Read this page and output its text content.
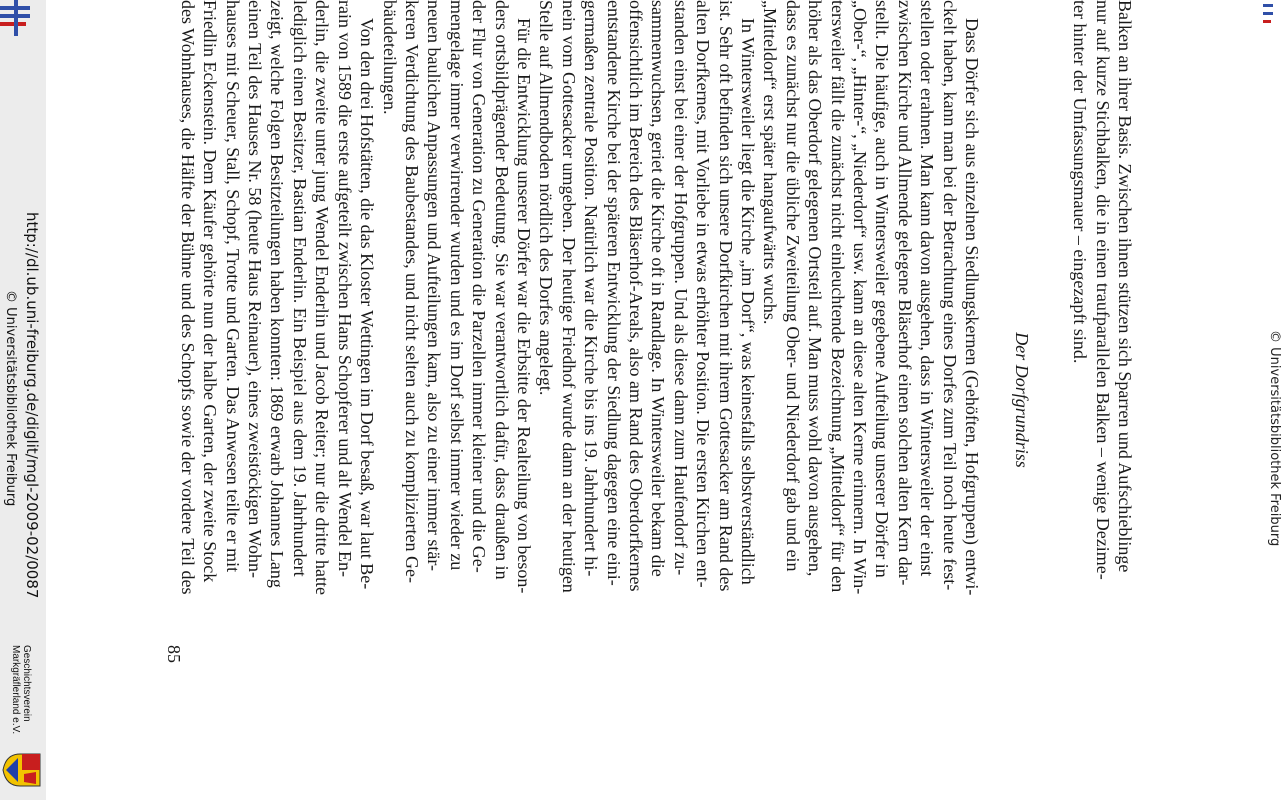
© Universitätsbibliothek Freiburg
Balken an ihrer Basis. Zwischen ihnen stützen sich Sparren und Aufschieblinge
nur auf kurze Stichbalken, die in einen traufparallelen Balken – wenige Dezime-
ter hinter der Umfassungsmauer – eingezapft sind.
Der Dorfgrundriss
Dass Dörfer sich aus einzelnen Siedlungskernen (Gehöften, Hofgruppen) entwi-
ckelt haben, kann man bei der Betrachtung eines Dorfes zum Teil noch heute fest-
stellen oder erahnen. Man kann davon ausgehen, dass in Wintersweiler der einst
zwischen Kirche und Allmende gelegene Bläserhof einen solchen alten Kern dar-
stellt. Die häufige, auch in Wintersweiler gegebene Aufteilung unserer Dörfer in
„Ober-“, „Hinter-“, „Niederdorf“ usw. kann an diese alten Kerne erinnern. In Win-
tersweiler fällt die zunächst nicht einleuchtende Bezeichnung „Mitteldorf“ für den
höher als das Oberdorf gelegenen Ortsteil auf. Man muss wohl davon ausgehen,
dass es zunächst nur die übliche Zweiteilung Ober- und Niederdorf gab und ein
„Mitteldorf“ erst später hangaufwärts wuchs.
In Wintersweiler liegt die Kirche „im Dorf“, was keinesfalls selbstverständlich
ist. Sehr oft befinden sich unsere Dorfkirchen mit ihrem Gottesacker am Rand des
alten Dorfkernes, mit Vorliebe in etwas erhöhter Position. Die ersten Kirchen ent-
standen einst bei einer der Hofgruppen. Und als diese dann zum Haufendorf zu-
sammenwuchsen, geriet die Kirche oft in Randlage. In Wintersweiler bekam die
offensichtlich im Bereich des Bläserhof-Areals, also am Rand des Oberdorfkernes
entstandene Kirche bei der späteren Entwicklung der Siedlung dagegen eine eini-
germaßen zentrale Position. Natürlich war die Kirche bis ins 19. Jahrhundert hi-
nein vom Gottesacker umgeben. Der heutige Friedhof wurde dann an der heutigen
Stelle auf Allmendboden nördlich des Dorfes angelegt.
Für die Entwicklung unserer Dörfer war die Erbsitte der Realteilung von beson-
ders ortsbildprägender Bedeutung. Sie war verantwortlich dafür, dass draußen in
der Flur von Generation zu Generation die Parzellen immer kleiner und die Ge-
mengelage immer verwirrender wurden und es im Dorf selbst immer wieder zu
neuen baulichen Anpassungen und Aufteilungen kam, also zu einer immer stär-
keren Verdichtung des Baubestandes, und nicht selten auch zu komplizierten Ge-
bäudeteilungen.
Von den drei Hofstätten, die das Kloster Wettingen im Dorf besaß, war laut Be-
rain von 1589 die erste aufgeteilt zwischen Hans Schopferer und alt Wendel En-
derlin, die zweite unter jung Wendel Enderlin und Jacob Reiter; nur die dritte hatte
lediglich einen Besitzer, Bastian Enderlin. Ein Beispiel aus dem 19. Jahrhundert
zeigt, welche Folgen Besitzteilungen haben konnten: 1869 erwarb Johannes Lang
einen Teil des Hauses Nr. 58 (heute Haus Reinauer), eines zweistöckigen Wohn-
hauses mit Scheuer, Stall, Schopf, Trotte und Garten. Das Anwesen teilte er mit
Friedlin Eckenstein. Dem Käufer gehörte nun der halbe Garten, der zweite Stock
des Wohnhauses, die Hälfte der Bühne und des Schopfs sowie der vordere Teil des
85
http://dl.ub.uni-freiburg.de/diglit/mgl-2009-02/0087
© Universitätsbibliothek Freiburg
Geschichtsverein
Markgräflerland e.V.
